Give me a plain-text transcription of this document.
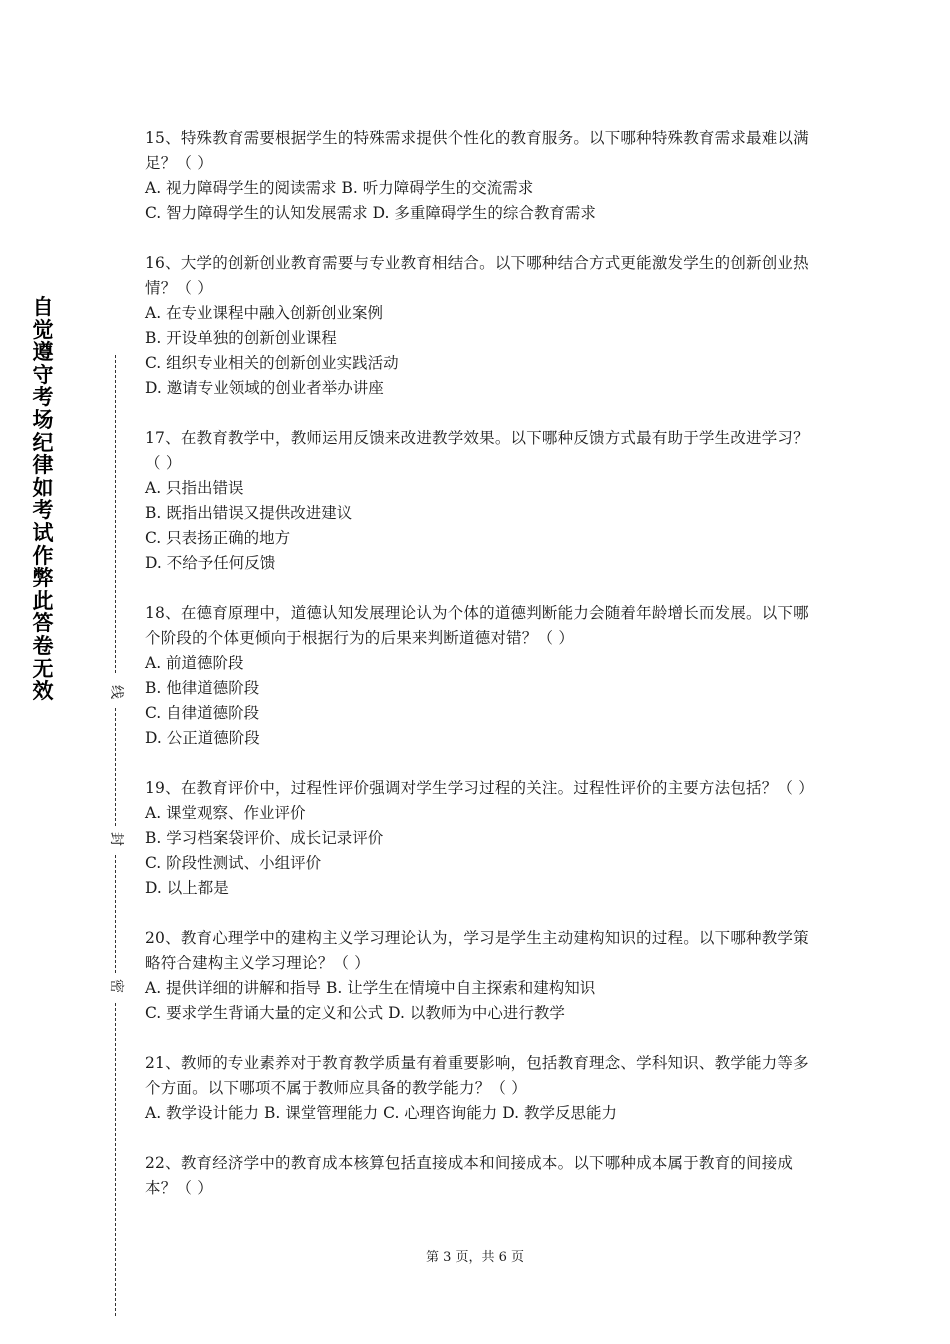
自觉遵守考场纪律如考试作弊此答卷无效	线
封
密
15、特殊教育需要根据学生的特殊需求提供个性化的教育服务。以下哪种特殊教育需求最难以满足？（ ）
A. 视力障碍学生的阅读需求 B. 听力障碍学生的交流需求
C. 智力障碍学生的认知发展需求 D. 多重障碍学生的综合教育需求
16、大学的创新创业教育需要与专业教育相结合。以下哪种结合方式更能激发学生的创新创业热情？（ ）
A. 在专业课程中融入创新创业案例
B. 开设单独的创新创业课程
C. 组织专业相关的创新创业实践活动
D. 邀请专业领域的创业者举办讲座
17、在教育教学中，教师运用反馈来改进教学效果。以下哪种反馈方式最有助于学生改进学习？（ ）
A. 只指出错误
B. 既指出错误又提供改进建议
C. 只表扬正确的地方
D. 不给予任何反馈
18、在德育原理中，道德认知发展理论认为个体的道德判断能力会随着年龄增长而发展。以下哪个阶段的个体更倾向于根据行为的后果来判断道德对错？（ ）
A. 前道德阶段
B. 他律道德阶段
C. 自律道德阶段
D. 公正道德阶段
19、在教育评价中，过程性评价强调对学生学习过程的关注。过程性评价的主要方法包括？（ ）
A. 课堂观察、作业评价
B. 学习档案袋评价、成长记录评价
C. 阶段性测试、小组评价
D. 以上都是
20、教育心理学中的建构主义学习理论认为，学习是学生主动建构知识的过程。以下哪种教学策略符合建构主义学习理论？（ ）
A. 提供详细的讲解和指导 B. 让学生在情境中自主探索和建构知识
C. 要求学生背诵大量的定义和公式 D. 以教师为中心进行教学
21、教师的专业素养对于教育教学质量有着重要影响，包括教育理念、学科知识、教学能力等多个方面。以下哪项不属于教师应具备的教学能力？（ ）
A. 教学设计能力 B. 课堂管理能力 C. 心理咨询能力 D. 教学反思能力
22、教育经济学中的教育成本核算包括直接成本和间接成本。以下哪种成本属于教育的间接成本？（ ）
第 3 页，共 6 页
